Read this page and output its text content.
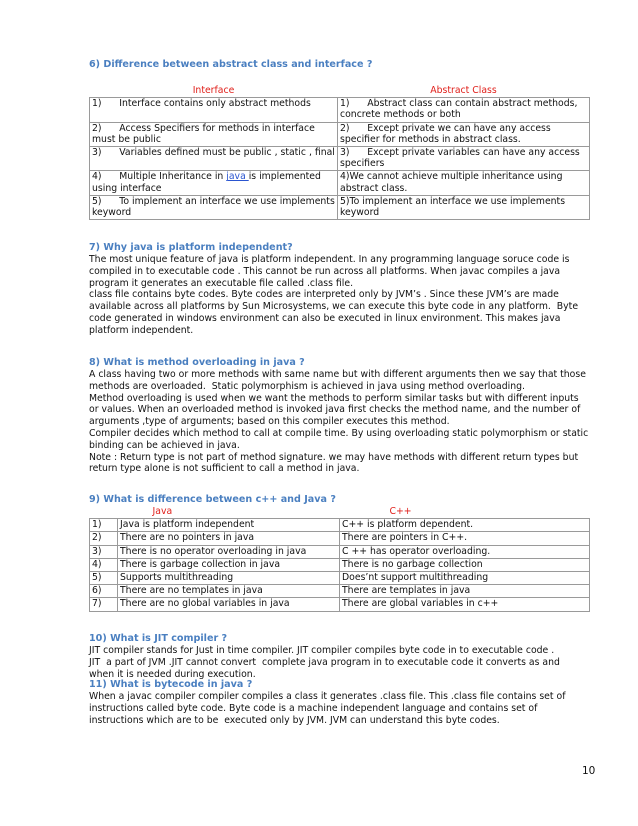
6) Difference between abstract class and interface ?
Interface	Abstract Class
1) Interface contains only abstract methods	1) Abstract class can contain abstract methods, concrete methods or both
2) Access Specifiers for methods in interface must be public	2) Except private we can have any access specifier for methods in abstract class.
3) Variables defined must be public , static , final	3) Except private variables can have any access specifiers
4) Multiple Inheritance in java is implemented using interface	4)We cannot achieve multiple inheritance using abstract class.
5) To implement an interface we use implements keyword	5)To implement an interface we use implements keyword
7) Why java is platform independent?
The most unique feature of java is platform independent. In any programming language soruce code is
compiled in to executable code . This cannot be run across all platforms. When javac compiles a java
program it generates an executable file called .class file.
class file contains byte codes. Byte codes are interpreted only by JVM’s . Since these JVM’s are made
available across all platforms by Sun Microsystems, we can execute this byte code in any platform.  Byte
code generated in windows environment can also be executed in linux environment. This makes java
platform independent.
8) What is method overloading in java ?
A class having two or more methods with same name but with different arguments then we say that those
methods are overloaded.  Static polymorphism is achieved in java using method overloading.
Method overloading is used when we want the methods to perform similar tasks but with different inputs
or values. When an overloaded method is invoked java first checks the method name, and the number of
arguments ,type of arguments; based on this compiler executes this method.
Compiler decides which method to call at compile time. By using overloading static polymorphism or static
binding can be achieved in java.
Note : Return type is not part of method signature. we may have methods with different return types but
return type alone is not sufficient to call a method in java.
9) What is difference between c++ and Java ?
	Java	C++
1)	Java is platform independent	C++ is platform dependent.
2)	There are no pointers in java	There are pointers in C++.
3)	There is no operator overloading in java	C ++ has operator overloading.
4)	There is garbage collection in java	There is no garbage collection
5)	Supports multithreading	Does’nt support multithreading
6)	There are no templates in java	There are templates in java
7)	There are no global variables in java	There are global variables in c++
10) What is JIT compiler ?
JIT compiler stands for Just in time compiler. JIT compiler compiles byte code in to executable code .
JIT  a part of JVM .JIT cannot convert  complete java program in to executable code it converts as and
when it is needed during execution.
11) What is bytecode in java ?
When a javac compiler compiler compiles a class it generates .class file. This .class file contains set of
instructions called byte code. Byte code is a machine independent language and contains set of
instructions which are to be  executed only by JVM. JVM can understand this byte codes.
10
